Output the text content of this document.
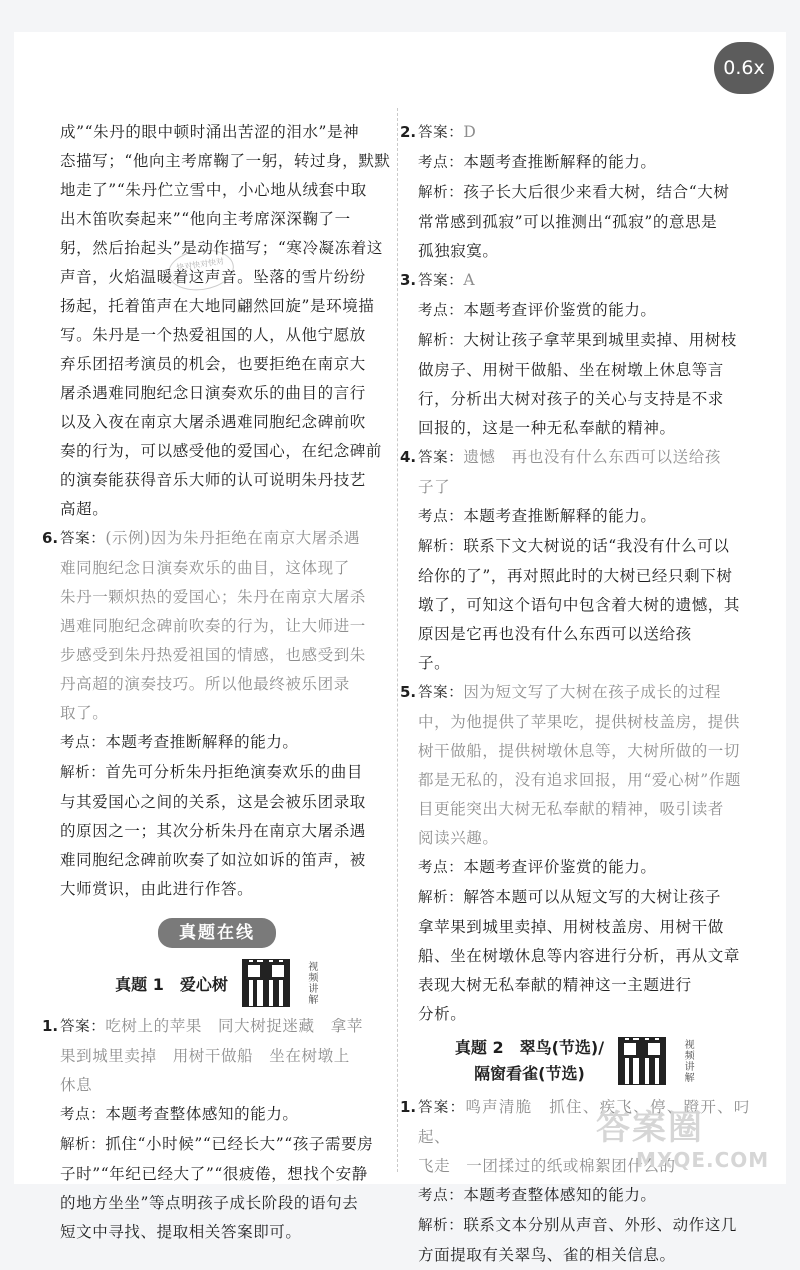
0.6x
快对快对快对

成”“朱丹的眼中顿时涌出苦涩的泪水”是神

态描写；“他向主考席鞠了一躬，转过身，默默

地走了”“朱丹伫立雪中，小心地从绒套中取

出木笛吹奏起来”“他向主考席深深鞠了一

躬，然后抬起头”是动作描写；“寒冷凝冻着这

声音，火焰温暖着这声音。坠落的雪片纷纷

扬起，托着笛声在大地同翩然回旋”是环境描

写。朱丹是一个热爱祖国的人，从他宁愿放

弃乐团招考演员的机会，也要拒绝在南京大

屠杀遇难同胞纪念日演奏欢乐的曲目的言行

以及入夜在南京大屠杀遇难同胞纪念碑前吹

奏的行为，可以感受他的爱国心，在纪念碑前

的演奏能获得音乐大师的认可说明朱丹技艺

高超。

6. 答案：(示例)因为朱丹拒绝在南京大屠杀遇

难同胞纪念日演奏欢乐的曲目，这体现了

朱丹一颗炽热的爱国心；朱丹在南京大屠杀

遇难同胞纪念碑前吹奏的行为，让大师进一

步感受到朱丹热爱祖国的情感，也感受到朱

丹高超的演奏技巧。所以他最终被乐团录

取了。

考点：本题考查推断解释的能力。

解析：首先可分析朱丹拒绝演奏欢乐的曲目

与其爱国心之间的关系，这是会被乐团录取

的原因之一；其次分析朱丹在南京大屠杀遇

难同胞纪念碑前吹奏了如泣如诉的笛声，被

大师赏识，由此进行作答。

真题在线
真题 1　爱心树	视频讲解
1. 答案：吃树上的苹果　同大树捉迷藏　拿苹

果到城里卖掉　用树干做船　坐在树墩上

休息

考点：本题考查整体感知的能力。

解析：抓住“小时候”“已经长大”“孩子需要房

子时”“年纪已经大了”“很疲倦，想找个安静

的地方坐坐”等点明孩子成长阶段的语句去

短文中寻找、提取相关答案即可。

2. 答案：D

考点：本题考查推断解释的能力。

解析：孩子长大后很少来看大树，结合“大树

常常感到孤寂”可以推测出“孤寂”的意思是

孤独寂寞。

3. 答案：A

考点：本题考查评价鉴赏的能力。

解析：大树让孩子拿苹果到城里卖掉、用树枝

做房子、用树干做船、坐在树墩上休息等言

行，分析出大树对孩子的关心与支持是不求

回报的，这是一种无私奉献的精神。

4. 答案：遗憾　再也没有什么东西可以送给孩

子了

考点：本题考查推断解释的能力。

解析：联系下文大树说的话“我没有什么可以

给你的了”，再对照此时的大树已经只剩下树

墩了，可知这个语句中包含着大树的遗憾，其

原因是它再也没有什么东西可以送给孩

子。

5. 答案：因为短文写了大树在孩子成长的过程

中，为他提供了苹果吃，提供树枝盖房，提供

树干做船，提供树墩休息等，大树所做的一切

都是无私的，没有追求回报，用“爱心树”作题

目更能突出大树无私奉献的精神，吸引读者

阅读兴趣。

考点：本题考查评价鉴赏的能力。

解析：解答本题可以从短文写的大树让孩子

拿苹果到城里卖掉、用树枝盖房、用树干做

船、坐在树墩休息等内容进行分析，再从文章

表现大树无私奉献的精神这一主题进行

分析。

真题 2　翠鸟(节选)/
隔窗看雀(节选)	视频讲解
1. 答案：鸣声清脆　抓住、疾飞、停、蹬开、叼起、

飞走　一团揉过的纸或棉絮团什么的

考点：本题考查整体感知的能力。

解析：联系文本分别从声音、外形、动作这几

方面提取有关翠鸟、雀的相关信息。

答案圈
MXQE.COM
